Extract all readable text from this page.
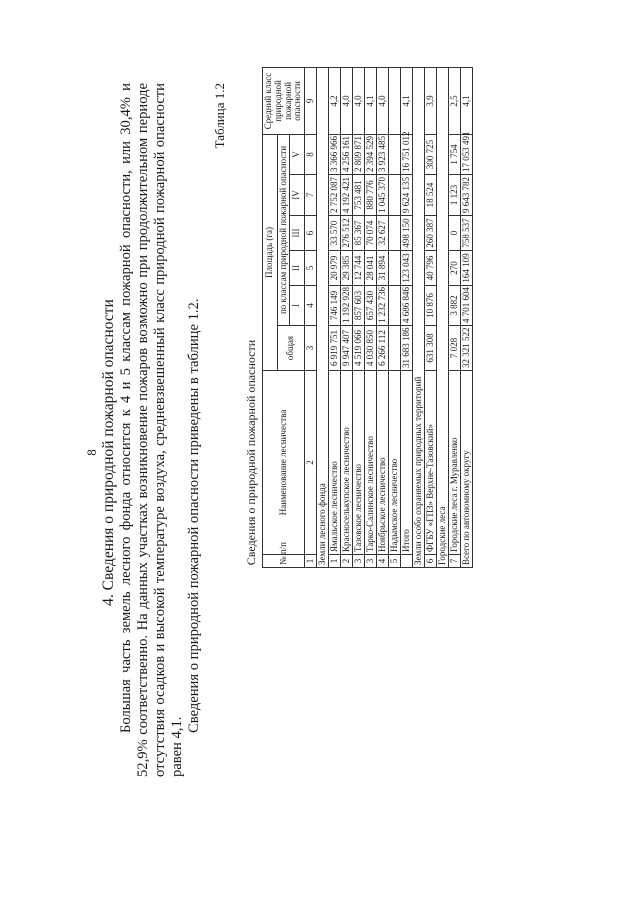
8 4. Сведения о природной пожарной опасности Большая часть земель лесного фонда относится к 4 и 5 классам пожарной опасности, или 30,4% и 52,9% соответственно. На данных участках возникновение пожаров возможно при продолжительном периоде отсутствия осадков и высокой температуре воздуха, средневзвешенный класс природной пожарной опасности равен 4,1.

Сведения о природной пожарной опасности приведены в таблице 1.2.

Таблица 1.2
Сведения о природной пожарной опасности № п/п	Наименование лесничества	Площадь (га)						Средний класс природной пожарной опасности
		общая	по классам природной пожарной опасности					
			I	II	III	IV	V	
1	2	3	4	5	6	7	8	9
Земли лесного фонда								
1	Ямальское лесничество	6 919 751	746 149	20 979	33 570	2 752 087	3 366 966	4,2
2	Красноселькупское лесничество	9 947 407	1 192 928	29 385	276 512	4 192 421	4 256 161	4,0
3	Тазовское лесничество	4 519 066	857 603	12 744	85 367	753 481	2 809 871	4,0
3	Тарко-Салинское лесничество	4 030 850	657 430	28 041	70 074	880 776	2 394 529	4,1
4	Ноябрьское лесничество	6 266 112	1 232 736	31 894	32 627	1 045 370	3 923 485	4,0
5	Надымское лесничество							
	Итого	31 683 186	4 686 846	123 043	498 150	9 624 135	16 751 012	4,1
Земли особо охраняемых природных территорий								
6	ФГБУ «ГПЗ» Верхне-Тазовский»	631 308	10 876	40 796	260 387	18 524	300 725	3,9
Городские леса								
7	Городские леса г. Муравленко	7 028	3 882	270	0	1 123	1 754	2,5
Всего по автономному округу		32 321 522	4 701 604	164 109	758 537	9 643 782	17 053 491	4,1
